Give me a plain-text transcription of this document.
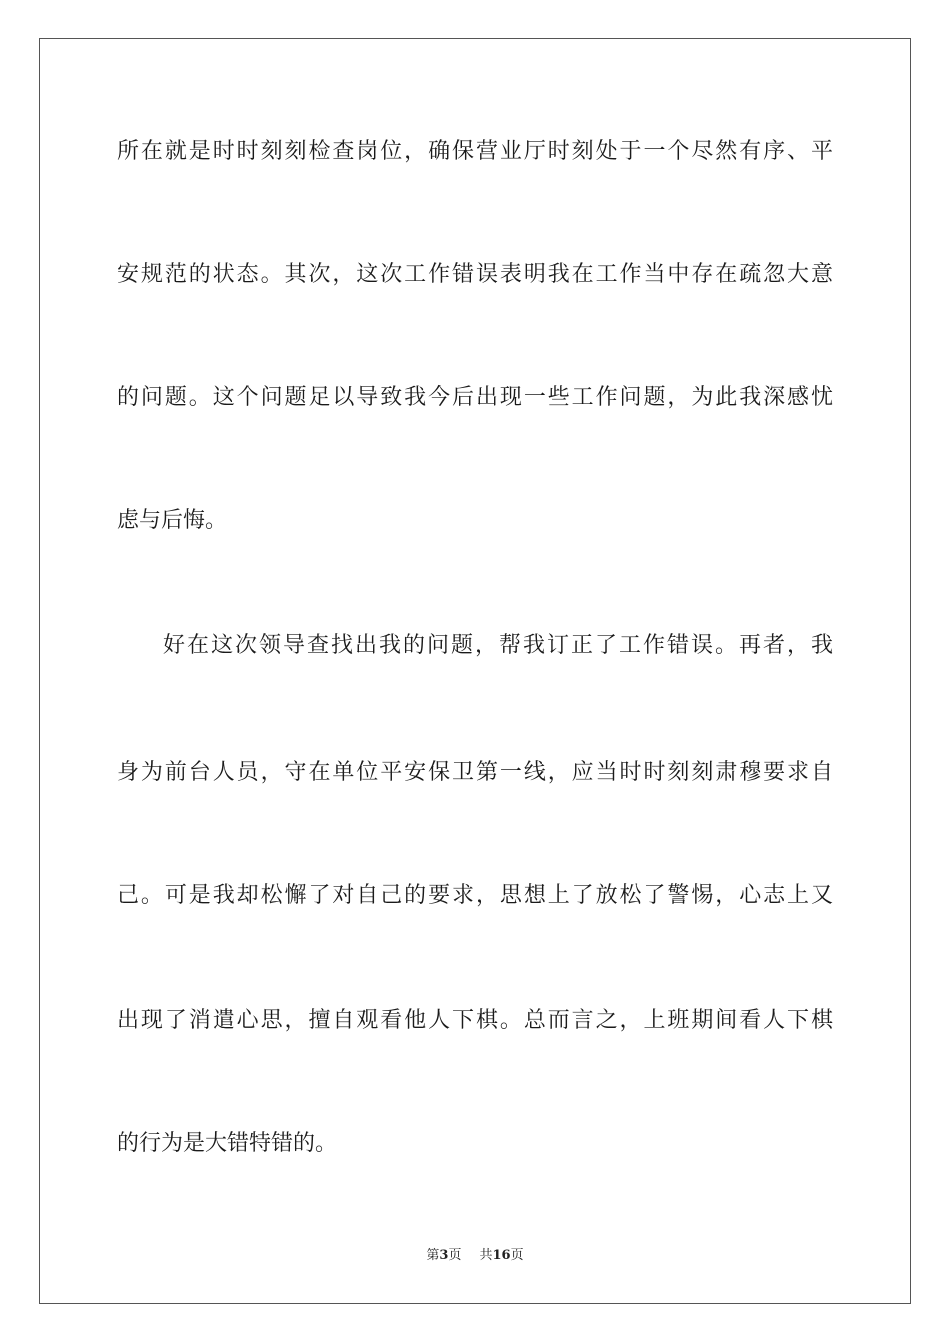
所在就是时时刻刻检查岗位，确保营业厅时刻处于一个尽然有序、平
安规范的状态。其次，这次工作错误表明我在工作当中存在疏忽大意
的问题。这个问题足以导致我今后出现一些工作问题，为此我深感忧
虑与后悔。
好在这次领导查找出我的问题，帮我订正了工作错误。再者，我
身为前台人员，守在单位平安保卫第一线，应当时时刻刻肃穆要求自
己。可是我却松懈了对自己的要求，思想上了放松了警惕，心志上又
出现了消遣心思，擅自观看他人下棋。总而言之，上班期间看人下棋
的行为是大错特错的。
第3页 共16页
